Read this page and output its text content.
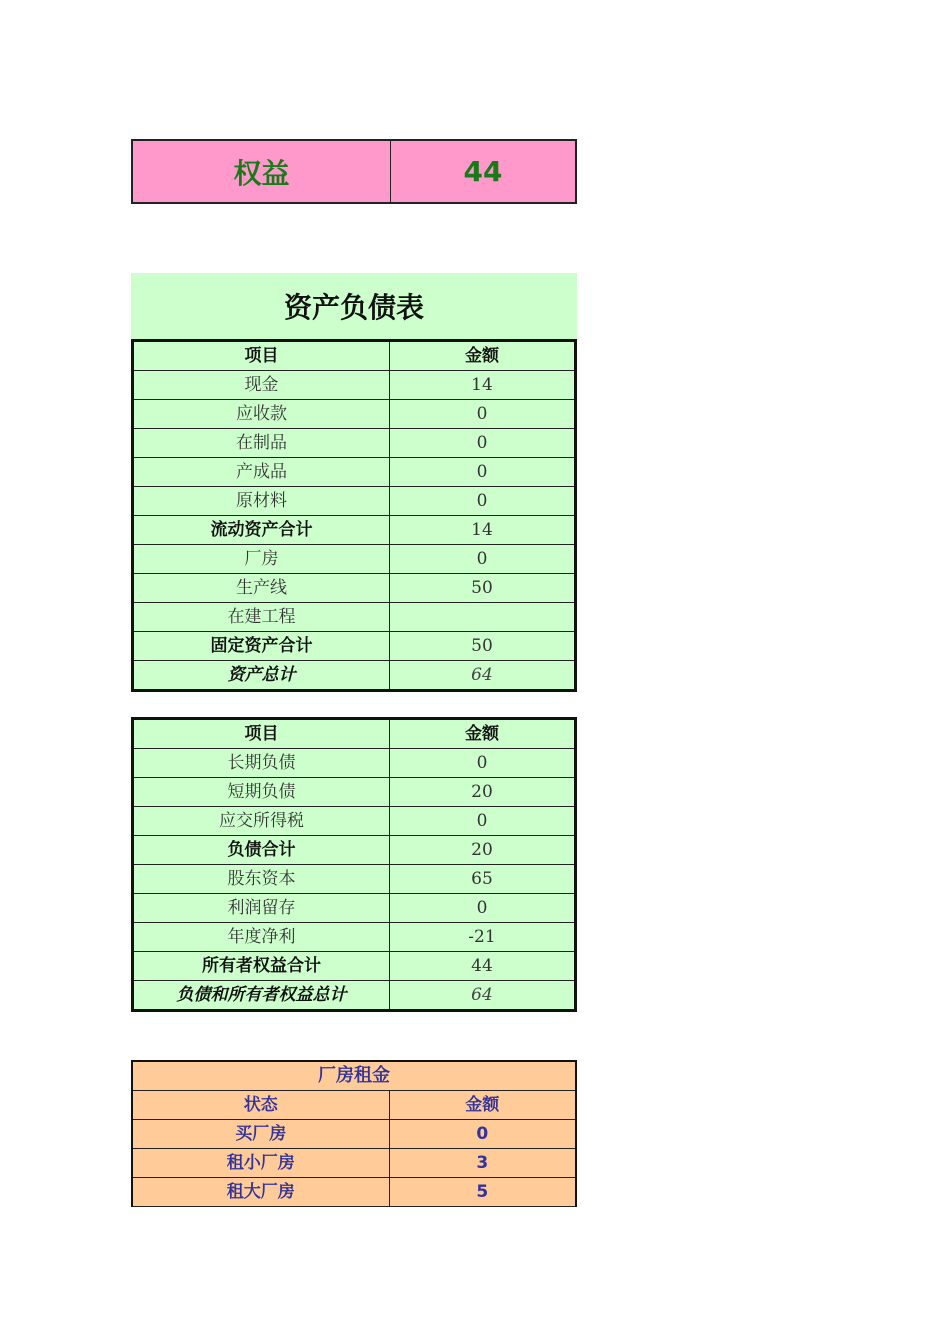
权益	44
资产负债表
项目	金额
现金	14
应收款	0
在制品	0
产成品	0
原材料	0
流动资产合计	14
厂房	0
生产线	50
在建工程	
固定资产合计	50
资产总计	64
项目	金额
长期负债	0
短期负债	20
应交所得税	0
负债合计	20
股东资本	65
利润留存	0
年度净利	-21
所有者权益合计	44
负债和所有者权益总计	64
厂房租金	
状态	金额
买厂房	0
租小厂房	3
租大厂房	5
